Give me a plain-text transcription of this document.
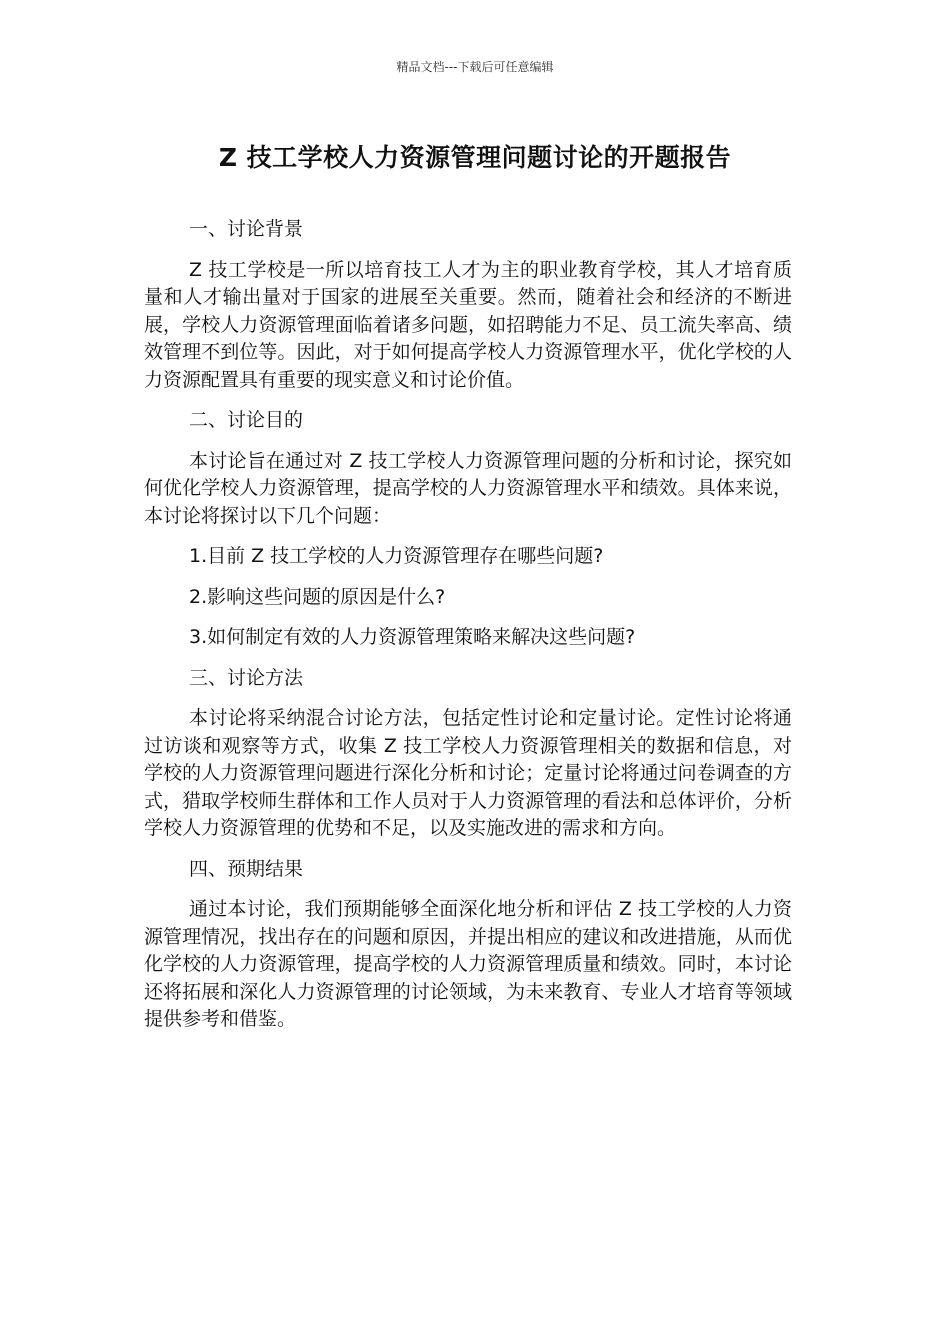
精品文档---下载后可任意编辑
Z 技工学校人力资源管理问题讨论的开题报告

一、讨论背景

Z 技工学校是一所以培育技工人才为主的职业教育学校，其人才培育质量和人才输出量对于国家的进展至关重要。然而，随着社会和经济的不断进展，学校人力资源管理面临着诸多问题，如招聘能力不足、员工流失率高、绩效管理不到位等。因此，对于如何提高学校人力资源管理水平，优化学校的人力资源配置具有重要的现实意义和讨论价值。

二、讨论目的

本讨论旨在通过对 Z 技工学校人力资源管理问题的分析和讨论，探究如何优化学校人力资源管理，提高学校的人力资源管理水平和绩效。具体来说，本讨论将探讨以下几个问题：

1.目前 Z 技工学校的人力资源管理存在哪些问题?

2.影响这些问题的原因是什么?

3.如何制定有效的人力资源管理策略来解决这些问题?

三、讨论方法

本讨论将采纳混合讨论方法，包括定性讨论和定量讨论。定性讨论将通过访谈和观察等方式，收集 Z 技工学校人力资源管理相关的数据和信息，对学校的人力资源管理问题进行深化分析和讨论；定量讨论将通过问卷调查的方式，猎取学校师生群体和工作人员对于人力资源管理的看法和总体评价，分析学校人力资源管理的优势和不足，以及实施改进的需求和方向。

四、预期结果

通过本讨论，我们预期能够全面深化地分析和评估 Z 技工学校的人力资源管理情况，找出存在的问题和原因，并提出相应的建议和改进措施，从而优化学校的人力资源管理，提高学校的人力资源管理质量和绩效。同时，本讨论还将拓展和深化人力资源管理的讨论领域，为未来教育、专业人才培育等领域提供参考和借鉴。
